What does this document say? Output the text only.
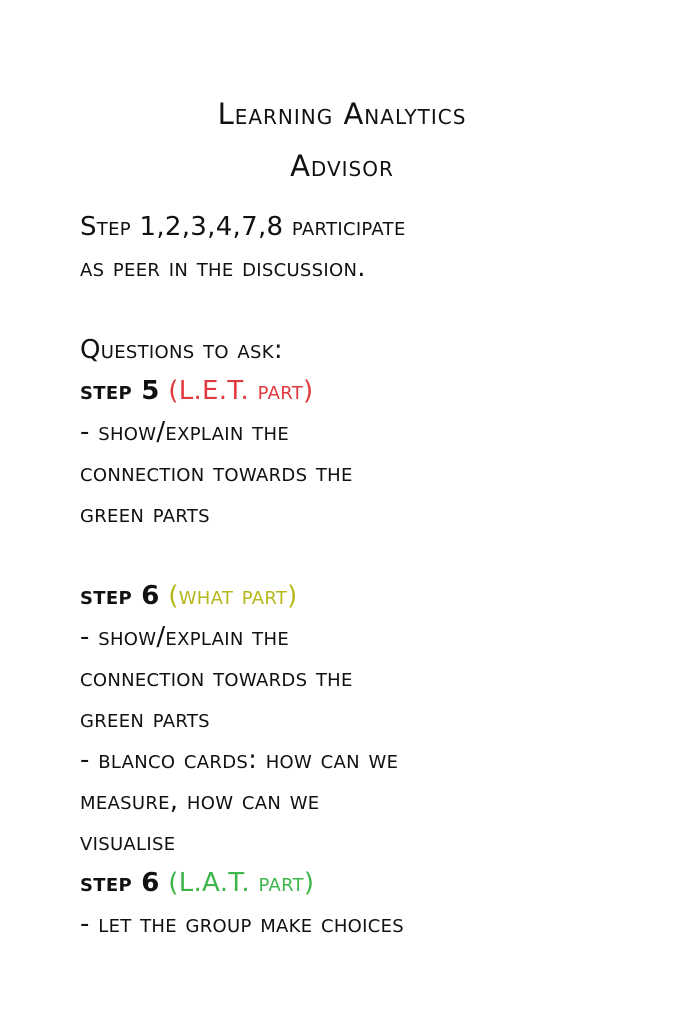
Learning Analytics
Advisor
Step 1,2,3,4,7,8 participate
as peer in the discussion.
Questions to ask:
step 5 (L.E.T. part)
- show/explain the
connection towards the
green parts
step 6 (what part)
- show/explain the
connection towards the
green parts
- blanco cards: how can we
measure, how can we
visualise
step 6 (L.A.T. part)
- let the group make choices
